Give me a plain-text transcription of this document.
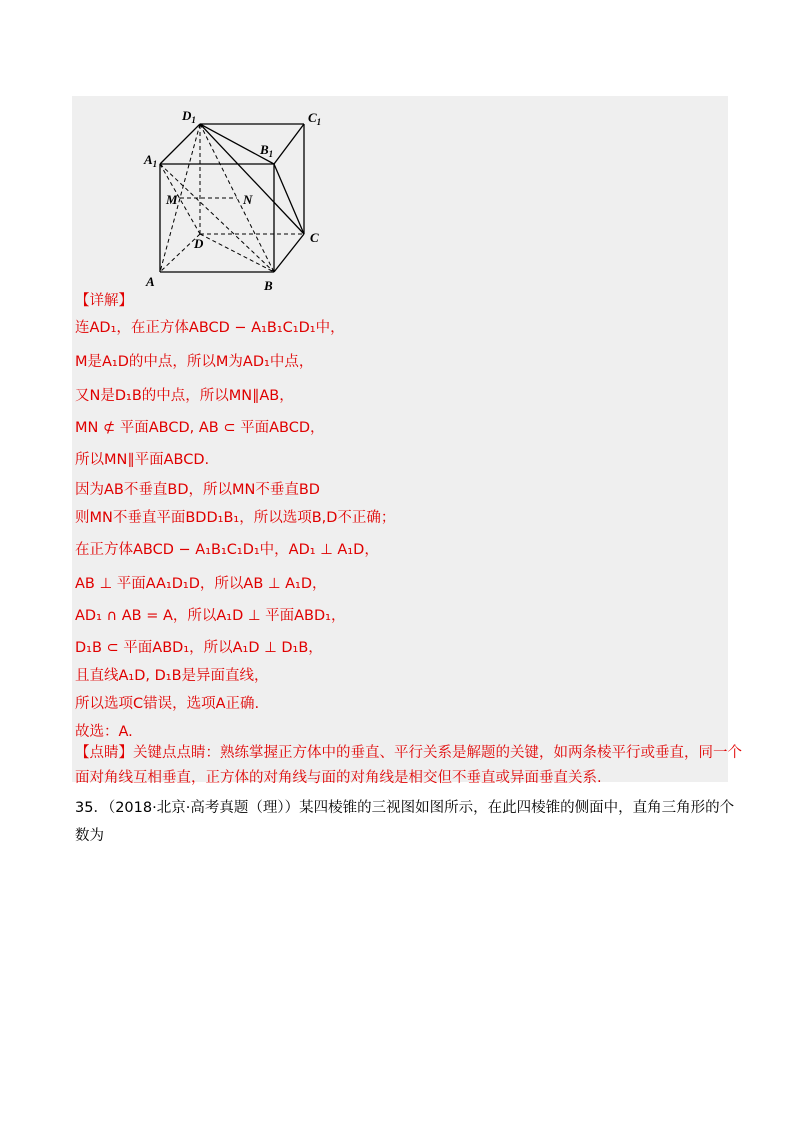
$D_1$	$C_1$
$A_1$
$B_1$
M	N
D	C
A	B
【详解】
连AD₁，在正方体ABCD − A₁B₁C₁D₁中，
M是A₁D的中点，所以M为AD₁中点，
又N是D₁B的中点，所以MN∥AB，
MN ⊄ 平面ABCD, AB ⊂ 平面ABCD，
所以MN∥平面ABCD.
因为AB不垂直BD，所以MN不垂直BD
则MN不垂直平面BDD₁B₁，所以选项B,D不正确；
在正方体ABCD − A₁B₁C₁D₁中，AD₁ ⊥ A₁D，
AB ⊥ 平面AA₁D₁D，所以AB ⊥ A₁D，
AD₁ ∩ AB = A，所以A₁D ⊥ 平面ABD₁，
D₁B ⊂ 平面ABD₁，所以A₁D ⊥ D₁B，
且直线A₁D, D₁B是异面直线，
所以选项C错误，选项A正确.
故选：A.
【点睛】关键点点睛：熟练掌握正方体中的垂直、平行关系是解题的关键，如两条棱平行或垂直，同一个
面对角线互相垂直，正方体的对角线与面的对角线是相交但不垂直或异面垂直关系.
35．（2018·北京·高考真题（理））某四棱锥的三视图如图所示，在此四棱锥的侧面中，直角三角形的个
数为
